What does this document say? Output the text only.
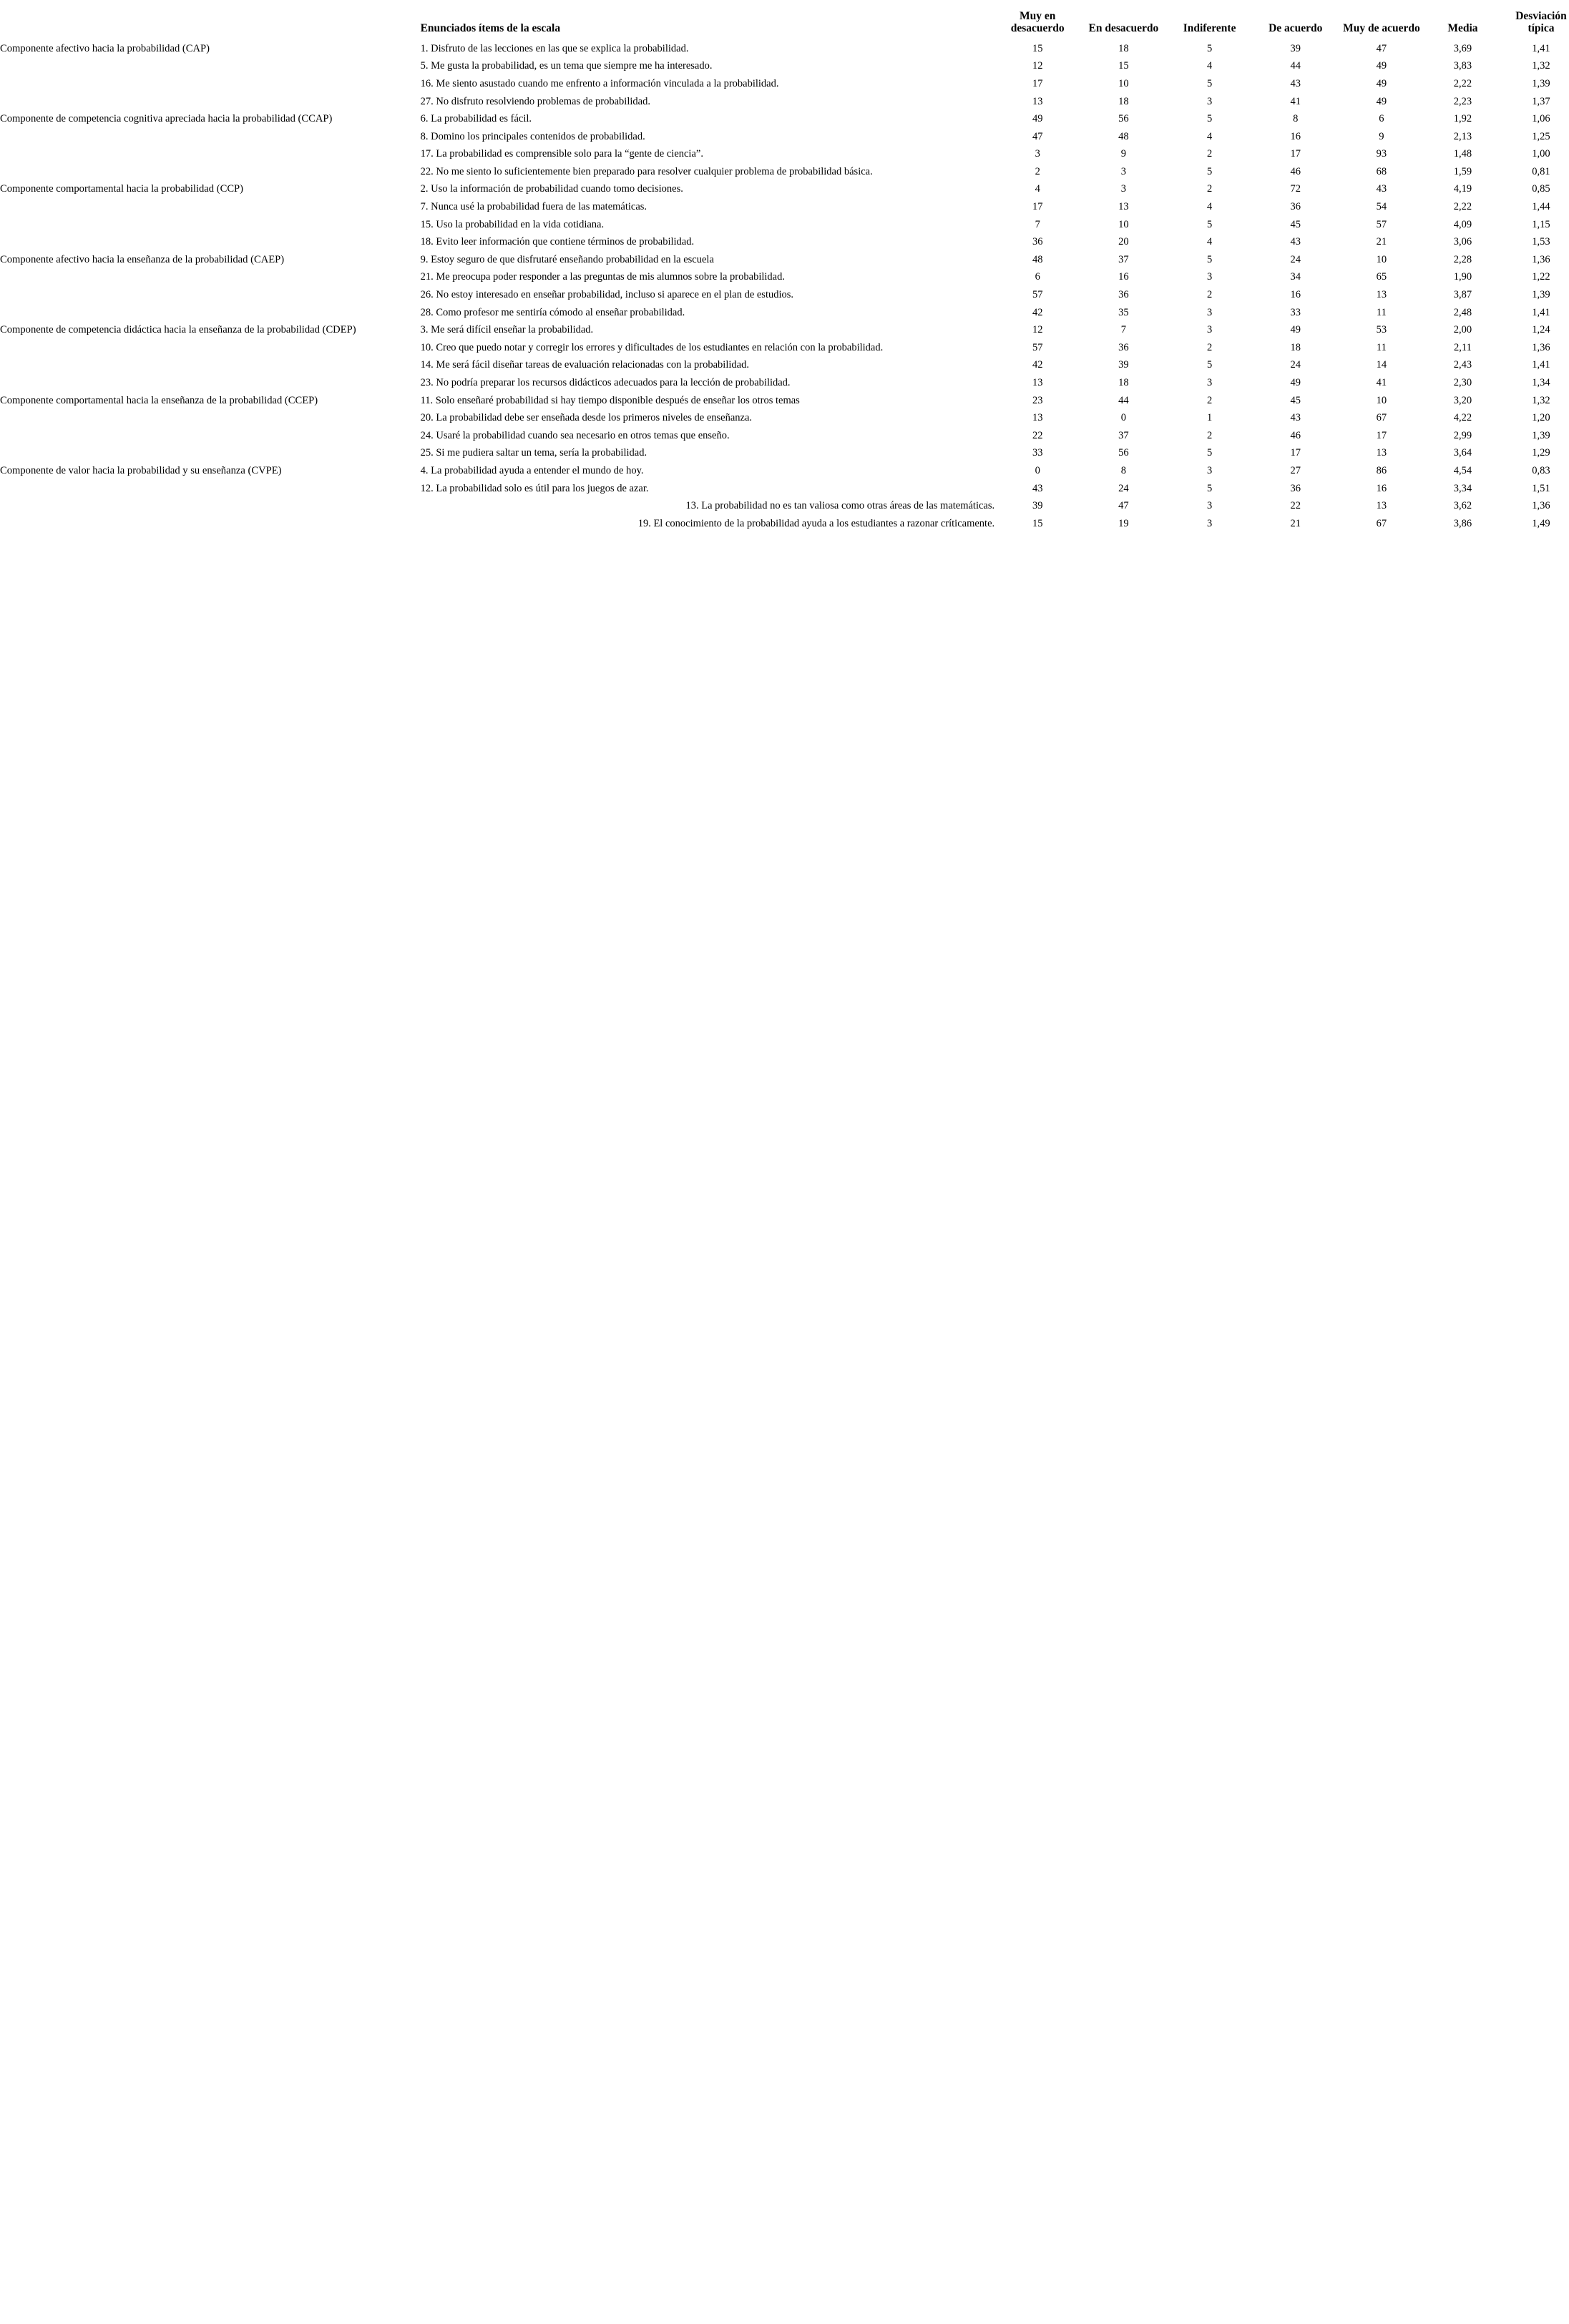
	Enunciados ítems de la escala	Muy en desacuerdo	En desacuerdo	Indiferente	De acuerdo	Muy de acuerdo	Media	Desviación típica
Componente afectivo hacia la probabilidad (CAP)	1. Disfruto de las lecciones en las que se explica la probabilidad.	15	18	5	39	47	3,69	1,41
	5. Me gusta la probabilidad, es un tema que siempre me ha interesado.	12	15	4	44	49	3,83	1,32
	16. Me siento asustado cuando me enfrento a información vinculada a la probabilidad.	17	10	5	43	49	2,22	1,39
	27. No disfruto resolviendo problemas de probabilidad.	13	18	3	41	49	2,23	1,37
Componente de competencia cognitiva apreciada hacia la probabilidad (CCAP)	6. La probabilidad es fácil.	49	56	5	8	6	1,92	1,06
	8. Domino los principales contenidos de probabilidad.	47	48	4	16	9	2,13	1,25
	17. La probabilidad es comprensible solo para la “gente de ciencia”.	3	9	2	17	93	1,48	1,00
	22. No me siento lo suficientemente bien preparado para resolver cualquier problema de probabilidad básica.	2	3	5	46	68	1,59	0,81
Componente comportamental hacia la probabilidad (CCP)	2. Uso la información de probabilidad cuando tomo decisiones.	4	3	2	72	43	4,19	0,85
	7. Nunca usé la probabilidad fuera de las matemáticas.	17	13	4	36	54	2,22	1,44
	15. Uso la probabilidad en la vida cotidiana.	7	10	5	45	57	4,09	1,15
	18. Evito leer información que contiene términos de probabilidad.	36	20	4	43	21	3,06	1,53
Componente afectivo hacia la enseñanza de la probabilidad (CAEP)	9. Estoy seguro de que disfrutaré enseñando probabilidad en la escuela	48	37	5	24	10	2,28	1,36
	21. Me preocupa poder responder a las preguntas de mis alumnos sobre la probabilidad.	6	16	3	34	65	1,90	1,22
	26. No estoy interesado en enseñar probabilidad, incluso si aparece en el plan de estudios.	57	36	2	16	13	3,87	1,39
	28. Como profesor me sentiría cómodo al enseñar probabilidad.	42	35	3	33	11	2,48	1,41
Componente de competencia didáctica hacia la enseñanza de la probabilidad (CDEP)	3. Me será difícil enseñar la probabilidad.	12	7	3	49	53	2,00	1,24
	10. Creo que puedo notar y corregir los errores y dificultades de los estudiantes en relación con la probabilidad.	57	36	2	18	11	2,11	1,36
	14. Me será fácil diseñar tareas de evaluación relacionadas con la probabilidad.	42	39	5	24	14	2,43	1,41
	23. No podría preparar los recursos didácticos adecuados para la lección de probabilidad.	13	18	3	49	41	2,30	1,34
Componente comportamental hacia la enseñanza de la probabilidad (CCEP)	11. Solo enseñaré probabilidad si hay tiempo disponible después de enseñar los otros temas	23	44	2	45	10	3,20	1,32
	20. La probabilidad debe ser enseñada desde los primeros niveles de enseñanza.	13	0	1	43	67	4,22	1,20
	24. Usaré la probabilidad cuando sea necesario en otros temas que enseño.	22	37	2	46	17	2,99	1,39
	25. Si me pudiera saltar un tema, sería la probabilidad.	33	56	5	17	13	3,64	1,29
Componente de valor hacia la probabilidad y su enseñanza (CVPE)	4. La probabilidad ayuda a entender el mundo de hoy.	0	8	3	27	86	4,54	0,83
	12. La probabilidad solo es útil para los juegos de azar.	43	24	5	36	16	3,34	1,51
	13. La probabilidad no es tan valiosa como otras áreas de las matemáticas.	39	47	3	22	13	3,62	1,36
	19. El conocimiento de la probabilidad ayuda a los estudiantes a razonar críticamente.	15	19	3	21	67	3,86	1,49
